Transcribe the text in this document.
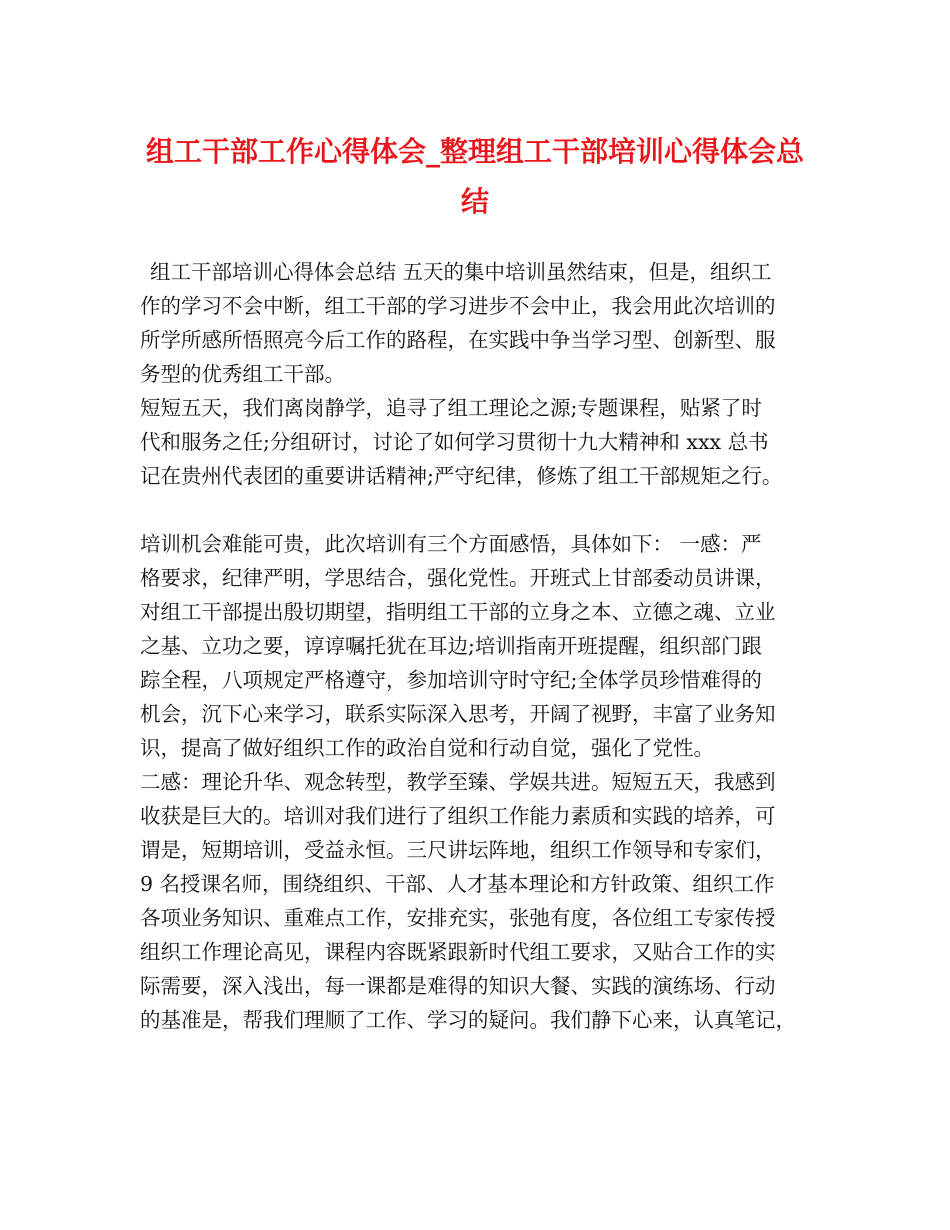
组工干部工作心得体会_整理组工干部培训心得体会总
结
组工干部培训心得体会总结 五天的集中培训虽然结束，但是，组织工
作的学习不会中断，组工干部的学习进步不会中止，我会用此次培训的
所学所感所悟照亮今后工作的路程，在实践中争当学习型、创新型、服
务型的优秀组工干部。
短短五天，我们离岗静学，追寻了组工理论之源;专题课程，贴紧了时
代和服务之任;分组研讨，讨论了如何学习贯彻十九大精神和 xxx 总书
记在贵州代表团的重要讲话精神;严守纪律，修炼了组工干部规矩之行。
培训机会难能可贵，此次培训有三个方面感悟，具体如下： 一感：严
格要求，纪律严明，学思结合，强化党性。开班式上甘部委动员讲课，
对组工干部提出殷切期望，指明组工干部的立身之本、立德之魂、立业
之基、立功之要，谆谆嘱托犹在耳边;培训指南开班提醒，组织部门跟
踪全程，八项规定严格遵守，参加培训守时守纪;全体学员珍惜难得的
机会，沉下心来学习，联系实际深入思考，开阔了视野，丰富了业务知
识，提高了做好组织工作的政治自觉和行动自觉，强化了党性。
二感：理论升华、观念转型，教学至臻、学娱共进。短短五天，我感到
收获是巨大的。培训对我们进行了组织工作能力素质和实践的培养，可
谓是，短期培训，受益永恒。三尺讲坛阵地，组织工作领导和专家们，
9 名授课名师，围绕组织、干部、人才基本理论和方针政策、组织工作
各项业务知识、重难点工作，安排充实，张弛有度，各位组工专家传授
组织工作理论高见，课程内容既紧跟新时代组工要求，又贴合工作的实
际需要，深入浅出，每一课都是难得的知识大餐、实践的演练场、行动
的基准是，帮我们理顺了工作、学习的疑问。我们静下心来，认真笔记，
